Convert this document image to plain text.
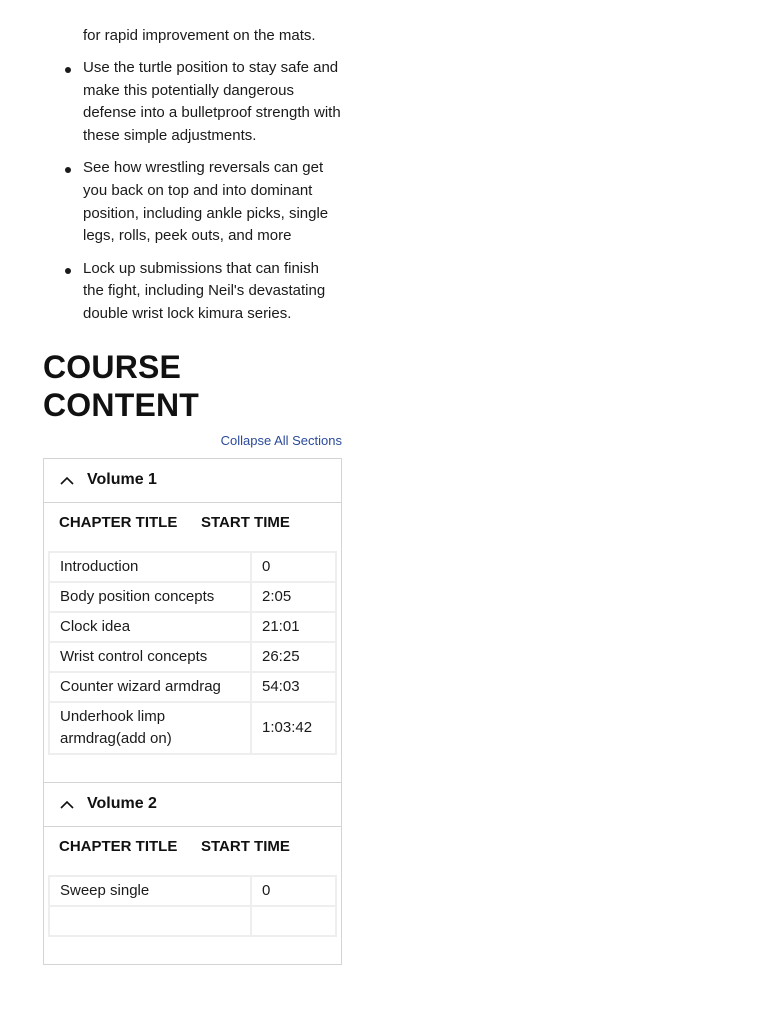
for rapid improvement on the mats.

Use the turtle position to stay safe and make this potentially dangerous defense into a bulletproof strength with these simple adjustments.
See how wrestling reversals can get you back on top and into dominant position, including ankle picks, single legs, rolls, peek outs, and more
Lock up submissions that can finish the fight, including Neil's devastating double wrist lock kimura series.
COURSE CONTENT
Collapse All Sections
Volume 1
CHAPTER TITLE	START TIME
Introduction	0
Body position concepts	2:05
Clock idea	21:01
Wrist control concepts	26:25
Counter wizard armdrag	54:03
Underhook limp armdrag(add on)	1:03:42
Volume 2
CHAPTER TITLE	START TIME
Sweep single	0
